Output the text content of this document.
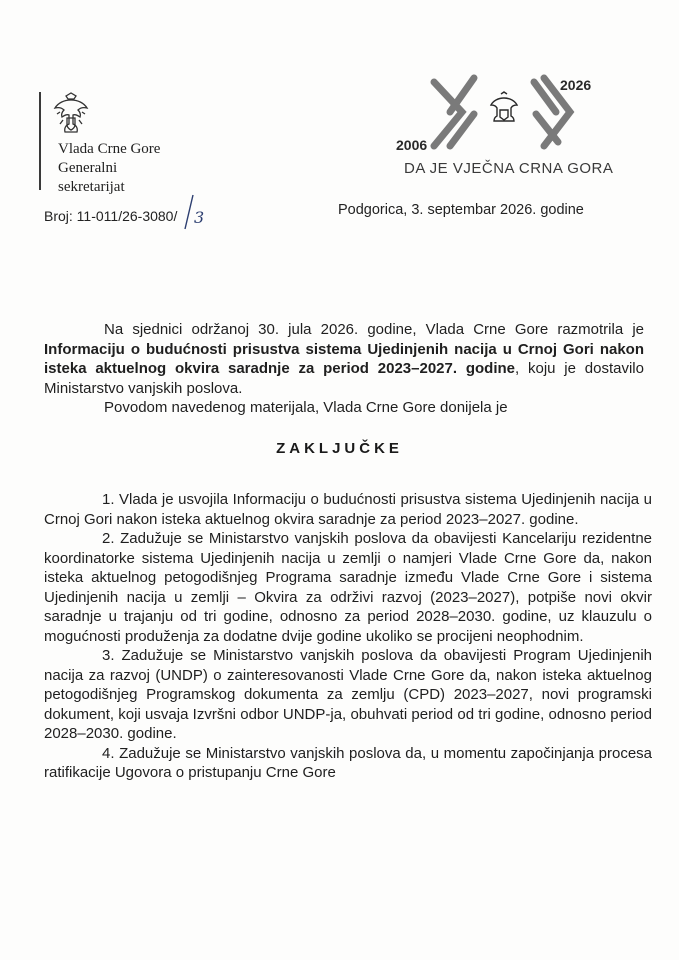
Vlada Crne Gore
Generalni
sekretarijat
Broj: 11-011/26-3080/ 3
2026
2006
DA JE VJEČNA CRNA GORA
Podgorica, 3. septembar 2026. godine

Na sjednici održanoj 30. jula 2026. godine, Vlada Crne Gore razmotrila je Informaciju o budućnosti prisustva sistema Ujedinjenih nacija u Crnoj Gori nakon isteka aktuelnog okvira saradnje za period 2023–2027. godine, koju je dostavilo Ministarstvo vanjskih poslova.

Povodom navedenog materijala, Vlada Crne Gore donijela je

ZAKLJUČKE

1. Vlada je usvojila Informaciju o budućnosti prisustva sistema Ujedinjenih nacija u Crnoj Gori nakon isteka aktuelnog okvira saradnje za period 2023–2027. godine.

2. Zadužuje se Ministarstvo vanjskih poslova da obavijesti Kancelariju rezidentne koordinatorke sistema Ujedinjenih nacija u zemlji o namjeri Vlade Crne Gore da, nakon isteka aktuelnog petogodišnjeg Programa saradnje između Vlade Crne Gore i sistema Ujedinjenih nacija u zemlji – Okvira za održivi razvoj (2023–2027), potpiše novi okvir saradnje u trajanju od tri godine, odnosno za period 2028–2030. godine, uz klauzulu o mogućnosti produženja za dodatne dvije godine ukoliko se procijeni neophodnim.

3. Zadužuje se Ministarstvo vanjskih poslova da obavijesti Program Ujedinjenih nacija za razvoj (UNDP) o zainteresovanosti Vlade Crne Gore da, nakon isteka aktuelnog petogodišnjeg Programskog dokumenta za zemlju (CPD) 2023–2027, novi programski dokument, koji usvaja Izvršni odbor UNDP-ja, obuhvati period od tri godine, odnosno period 2028–2030. godine.

4. Zadužuje se Ministarstvo vanjskih poslova da, u momentu započinjanja procesa ratifikacije Ugovora o pristupanju Crne Gore
